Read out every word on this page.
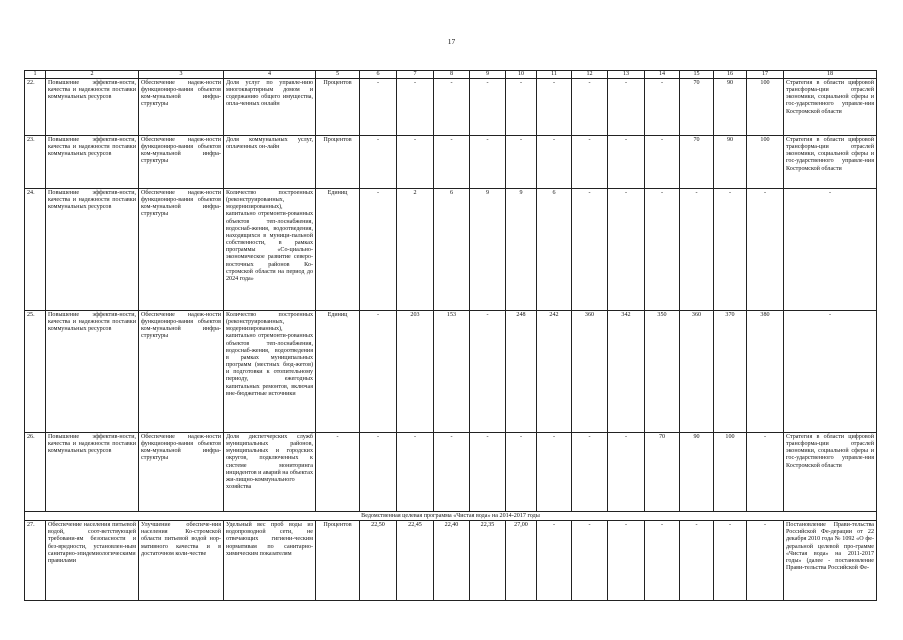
17
1	2	3	4	5	6	7	8	9	10	11	12	13	14	15	16	17	18
22.	Повышение эффектив-ности, качества и надежности поставки коммунальных ресурсов	Обеспечение надеж-ности функциониро-вания объектов ком-мунальной инфра-структуры	Доля услуг по управле-нию многоквартирным домом и содержанию общего имущества, опла-ченных онлайн	Процентов	-	-	-	-	-	-	-	-	-	70	90	100	Стратегия в области цифровой трансформа-ции отраслей экономики, социальной сферы и гос-ударственного управле-ния Костромской области
23.	Повышение эффектив-ности, качества и надежности поставки коммунальных ресурсов	Обеспечение надеж-ности функциониро-вания объектов ком-мунальной инфра-структуры	Доля коммунальных услуг, оплаченных он-лайн	Процентов	-	-	-	-	-	-	-	-	-	70	90	100	Стратегия в области цифровой трансформа-ции отраслей экономики, социальной сферы и гос-ударственного управле-ния Костромской области
24.	Повышение эффектив-ности, качества и надежности поставки коммунальных ресурсов	Обеспечение надеж-ности функциониро-вания объектов ком-мунальной инфра-структуры	Количество построенных (реконструированных, модернизированных), капитально отремонти-рованных объектов теп-лоснабжения, водоснаб-жения, водоотведения, находящихся в муници-пальной собственности, в рамках программы «Со-циально-экономическое развитие северо-восточных районов Ко-стромской области на период до 2024 года»	Единиц	-	2	6	9	9	6	-	-	-	-	-	-	-
25.	Повышение эффектив-ности, качества и надежности поставки коммунальных ресурсов	Обеспечение надеж-ности функциониро-вания объектов ком-мунальной инфра-структуры	Количество построенных (реконструированных, модернизированных), капитально отремонти-рованных объектов теп-лоснабжения, водоснаб-жения, водоотведения в рамках муниципальных программ (местных бюд-жетов) и подготовки к отопительному периоду, ежегодных капитальных ремонтов, включая вне-бюджетные источники	Единиц	-	203	153	-	248	242	360	342	350	360	370	380	-
26.	Повышение эффектив-ности, качества и надежности поставки коммунальных ресурсов	Обеспечение надеж-ности функциониро-вания объектов ком-мунальной инфра-структуры	Доля диспетчерских служб муниципальных районов, муниципальных и городских округов, подключенных к системе мониторинга инцидентов и аварий на объектах жи-лищно-коммунального хозяйства	-	-	-	-	-	-	-	-	-	70	90	100	-	Стратегия в области цифровой трансформа-ции отраслей экономики, социальной сферы и гос-ударственного управле-ния Костромской области
Ведомственная целевая программа «Чистая вода» на 2014-2017 годы																	
27.	Обеспечение населения питьевой водой, соот-ветствующей требовани-ям безопасности и без-вредности, установлен-ным санитарно-эпидемиологическими правилами	Улучшение обеспече-ния населения Ко-стромской области питьевой водой нор-мативного качества и в достаточном коли-честве	Удельный вес проб воды из водопроводной сети, не отвечающих гигиени-ческим нормативам по санитарно-химическим показателям	Процентов	22,50	22,45	22,40	22,35	27,00	-	-	-	-	-	-	-	Постановление Прави-тельства Российской Фе-дерации от 22 декабря 2010 года № 1092 «О фе-деральной целевой про-грамме «Чистая вода» на 2011-2017 годы» (далее - постановление Прави-тельства Российской Фе-
